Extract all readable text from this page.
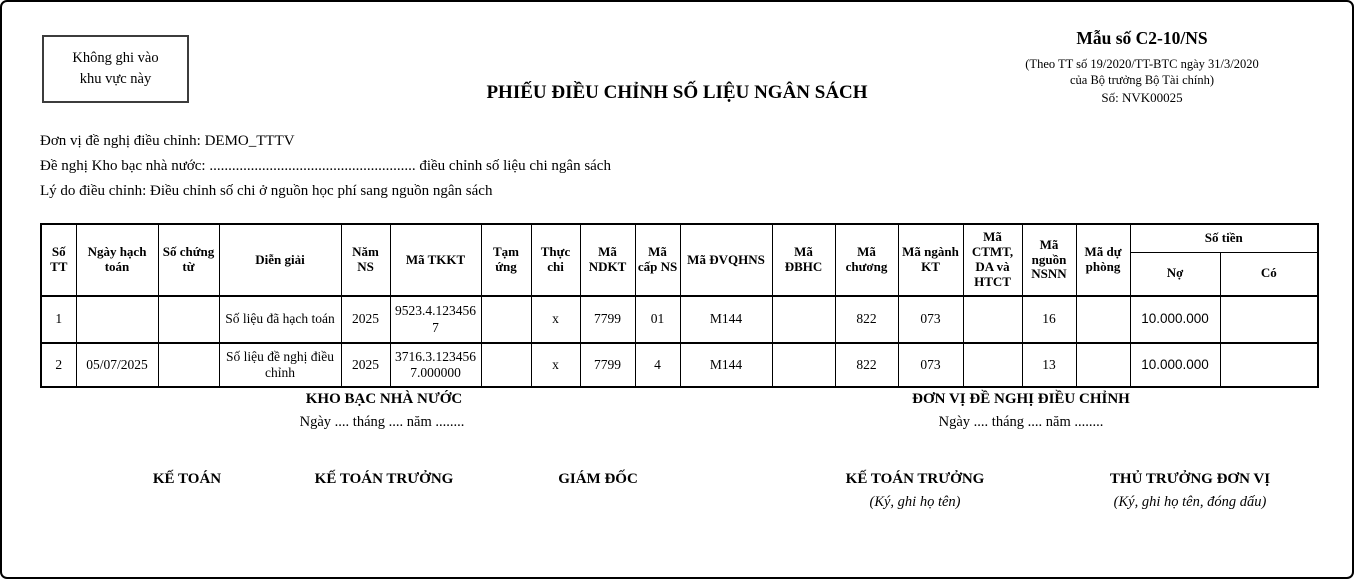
Không ghi vào
khu vực này
Mẫu số C2-10/NS
(Theo TT số 19/2020/TT-BTC ngày 31/3/2020
của Bộ trưởng Bộ Tài chính)
Số: NVK00025
PHIẾU ĐIỀU CHỈNH SỐ LIỆU NGÂN SÁCH
Đơn vị đề nghị điều chỉnh: DEMO_TTTV
Đề nghị Kho bạc nhà nước: ....................................................... điều chỉnh số liệu chi ngân sách
Lý do điều chỉnh: Điều chỉnh số chi ở nguồn học phí sang nguồn ngân sách
Số TT	Ngày hạch toán	Số chứng từ	Diễn giải	Năm NS	Mã TKKT	Tạm ứng	Thực chi	Mã NDKT	Mã cấp NS	Mã ĐVQHNS	Mã ĐBHC	Mã chương	Mã ngành KT	Mã CTMT, DA và HTCT	Mã nguồn NSNN	Mã dự phòng	Số tiền	
																	Nợ	Có
1			Số liệu đã hạch toán	2025	9523.4.1234567		x	7799	01	M144		822	073		16		10.000.000	
2	05/07/2025		Số liệu đề nghị điều chỉnh	2025	3716.3.1234567.000000		x	7799	4	M144		822	073		13		10.000.000	
KHO BẠC NHÀ NƯỚC
Ngày .... tháng .... năm ........
KẾ TOÁN	KẾ TOÁN TRƯỞNG	GIÁM ĐỐC
ĐƠN VỊ ĐỀ NGHỊ ĐIỀU CHỈNH
Ngày .... tháng .... năm ........
KẾ TOÁN TRƯỞNG
(Ký, ghi họ tên)
THỦ TRƯỞNG ĐƠN VỊ
(Ký, ghi họ tên, đóng dấu)
